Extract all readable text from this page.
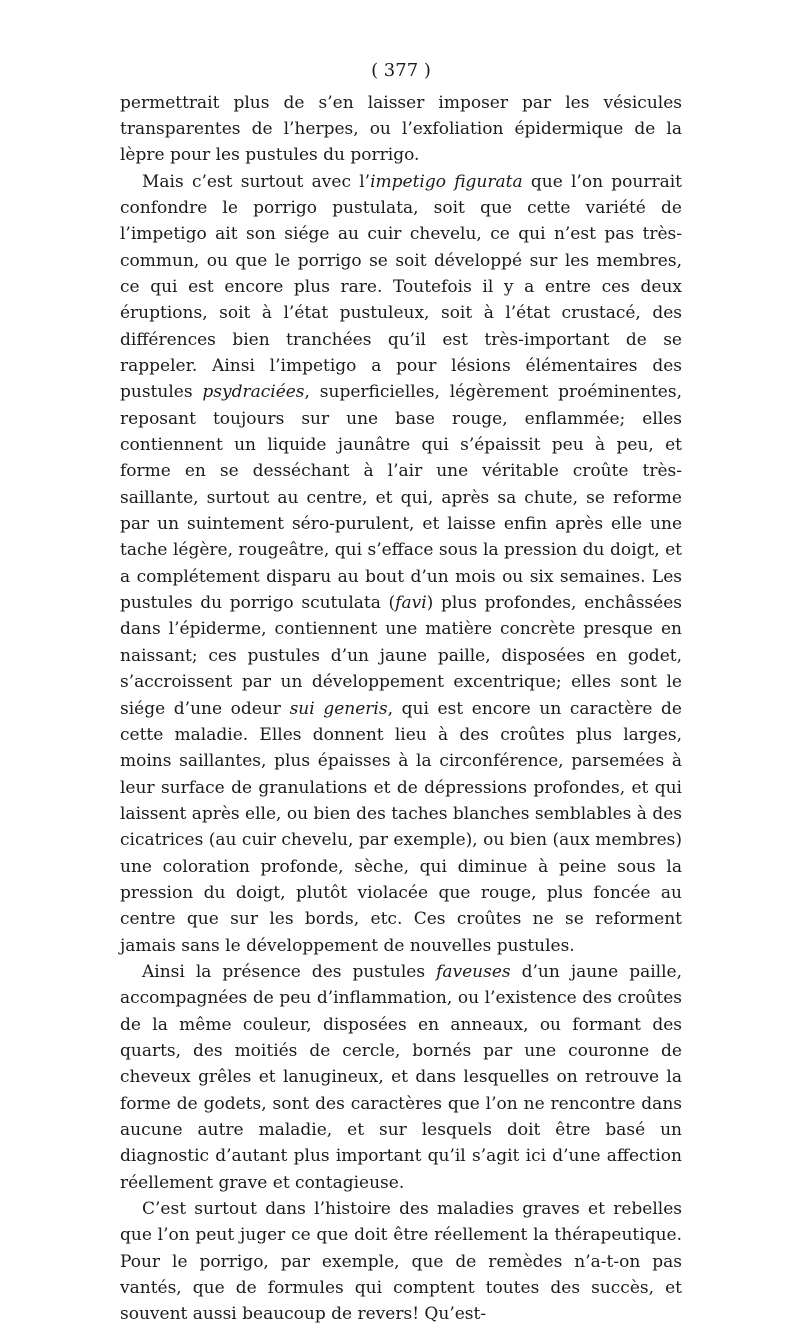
( 377 )

permettrait plus de s’en laisser imposer par les vésicules transparentes de l’herpes, ou l’exfoliation épidermique de la lèpre pour les pustules du porrigo.

Mais c’est surtout avec l’impetigo figurata que l’on pourrait confondre le porrigo pustulata, soit que cette variété de l’impetigo ait son siége au cuir chevelu, ce qui n’est pas très-commun, ou que le porrigo se soit développé sur les membres, ce qui est encore plus rare. Toutefois il y a entre ces deux éruptions, soit à l’état pustuleux, soit à l’état crustacé, des différences bien tranchées qu’il est très-important de se rappeler. Ainsi l’impetigo a pour lésions élémentaires des pustules psydraciées, superficielles, légèrement proéminentes, reposant toujours sur une base rouge, enflammée; elles contiennent un liquide jaunâtre qui s’épaissit peu à peu, et forme en se desséchant à l’air une véritable croûte très-saillante, surtout au centre, et qui, après sa chute, se reforme par un suintement séro-purulent, et laisse enfin après elle une tache légère, rougeâtre, qui s’efface sous la pression du doigt, et a complétement disparu au bout d’un mois ou six semaines. Les pustules du porrigo scutulata (favi) plus profondes, enchâssées dans l’épiderme, contiennent une matière concrète presque en naissant; ces pustules d’un jaune paille, disposées en godet, s’accroissent par un développement excentrique; elles sont le siége d’une odeur sui generis, qui est encore un caractère de cette maladie. Elles donnent lieu à des croûtes plus larges, moins saillantes, plus épaisses à la circonférence, parsemées à leur surface de granulations et de dépressions profondes, et qui laissent après elle, ou bien des taches blanches semblables à des cicatrices (au cuir chevelu, par exemple), ou bien (aux membres) une coloration profonde, sèche, qui diminue à peine sous la pression du doigt, plutôt violacée que rouge, plus foncée au centre que sur les bords, etc. Ces croûtes ne se reforment jamais sans le développement de nouvelles pustules.

Ainsi la présence des pustules faveuses d’un jaune paille, accompagnées de peu d’inflammation, ou l’existence des croûtes de la même couleur, disposées en anneaux, ou formant des quarts, des moitiés de cercle, bornés par une couronne de cheveux grêles et lanugineux, et dans lesquelles on retrouve la forme de godets, sont des caractères que l’on ne rencontre dans aucune autre maladie, et sur lesquels doit être basé un diagnostic d’autant plus important qu’il s’agit ici d’une affection réellement grave et contagieuse.

C’est surtout dans l’histoire des maladies graves et rebelles que l’on peut juger ce que doit être réellement la thérapeutique. Pour le porrigo, par exemple, que de remèdes n’a-t-on pas vantés, que de formules qui comptent toutes des succès, et souvent aussi beaucoup de revers! Qu’est-
